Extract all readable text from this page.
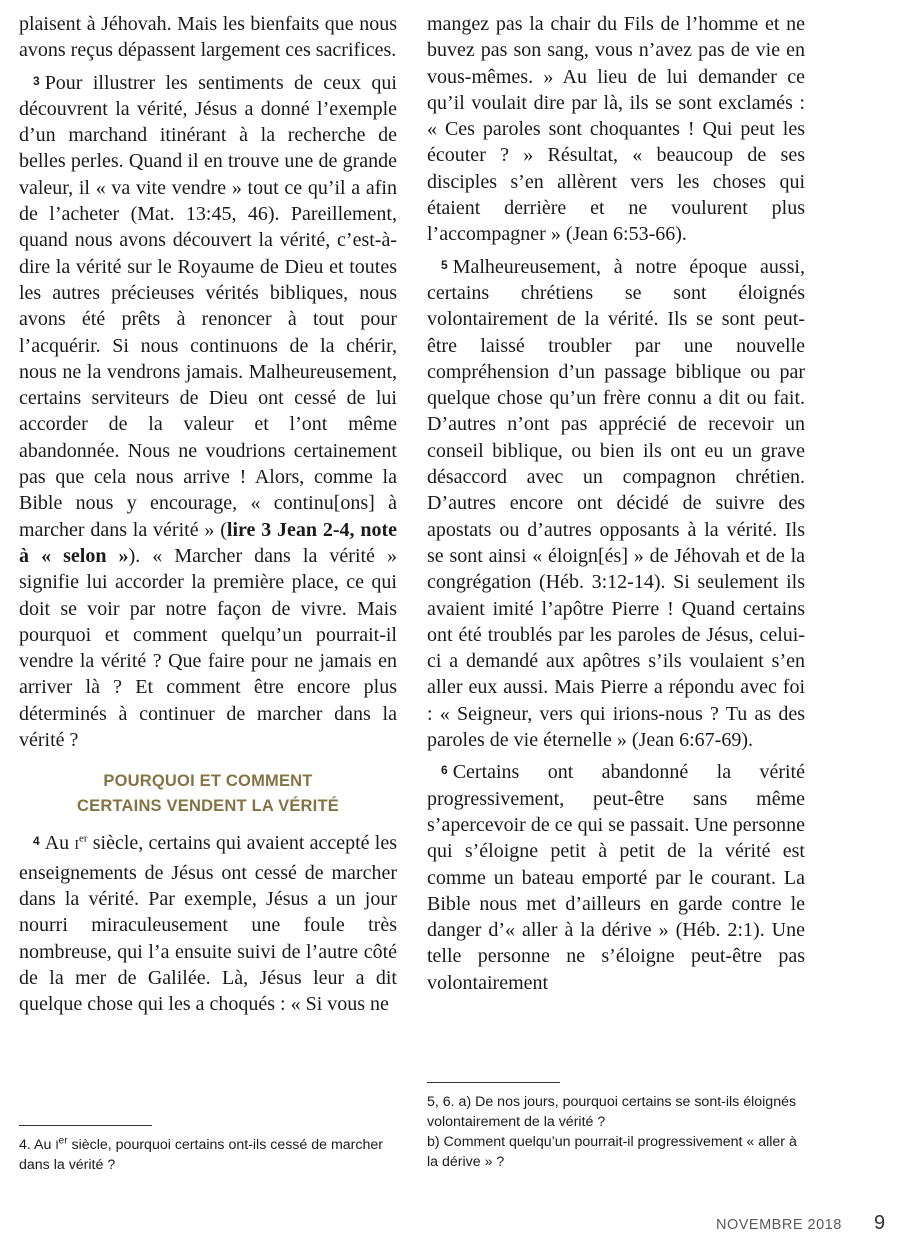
plaisent à Jéhovah. Mais les bienfaits que nous avons reçus dépassent largement ces sacrifices.

$^3$ Pour illustrer les sentiments de ceux qui découvrent la vérité, Jésus a donné l’exemple d’un marchand itinérant à la recherche de belles perles. Quand il en trouve une de grande valeur, il « va vite vendre » tout ce qu’il a afin de l’acheter (Mat. 13:45, 46). Pareillement, quand nous avons découvert la vérité, c’est-à-dire la vérité sur le Royaume de Dieu et toutes les autres précieuses vérités bibliques, nous avons été prêts à renoncer à tout pour l’acquérir. Si nous continuons de la chérir, nous ne la vendrons jamais. Malheureusement, certains serviteurs de Dieu ont cessé de lui accorder de la valeur et l’ont même abandonnée. Nous ne voudrions certainement pas que cela nous arrive ! Alors, comme la Bible nous y encourage, « continu[ons] à marcher dans la vérité » (lire 3 Jean 2-4, note à « selon »). « Marcher dans la vérité » signifie lui accorder la première place, ce qui doit se voir par notre façon de vivre. Mais pourquoi et comment quelqu’un pourrait-il vendre la vérité ? Que faire pour ne jamais en arriver là ? Et comment être encore plus déterminés à continuer de marcher dans la vérité ?

POURQUOI ET COMMENT
CERTAINS VENDENT LA VÉRITÉ

$^4$ Au Ier siècle, certains qui avaient accepté les enseignements de Jésus ont cessé de marcher dans la vérité. Par exemple, Jésus a un jour nourri miraculeusement une foule très nombreuse, qui l’a ensuite suivi de l’autre côté de la mer de Galilée. Là, Jésus leur a dit quelque chose qui les a choqués : « Si vous ne

mangez pas la chair du Fils de l’homme et ne buvez pas son sang, vous n’avez pas de vie en vous-mêmes. » Au lieu de lui demander ce qu’il voulait dire par là, ils se sont exclamés : « Ces paroles sont choquantes ! Qui peut les écouter ? » Résultat, « beaucoup de ses disciples s’en allèrent vers les choses qui étaient derrière et ne voulurent plus l’accompagner » (Jean 6:53-66).

$^5$ Malheureusement, à notre époque aussi, certains chrétiens se sont éloignés volontairement de la vérité. Ils se sont peut-être laissé troubler par une nouvelle compréhension d’un passage biblique ou par quelque chose qu’un frère connu a dit ou fait. D’autres n’ont pas apprécié de recevoir un conseil biblique, ou bien ils ont eu un grave désaccord avec un compagnon chrétien. D’autres encore ont décidé de suivre des apostats ou d’autres opposants à la vérité. Ils se sont ainsi « éloign[és] » de Jéhovah et de la congrégation (Héb. 3:12-14). Si seulement ils avaient imité l’apôtre Pierre ! Quand certains ont été troublés par les paroles de Jésus, celui-ci a demandé aux apôtres s’ils voulaient s’en aller eux aussi. Mais Pierre a répondu avec foi : « Seigneur, vers qui irions-nous ? Tu as des paroles de vie éternelle » (Jean 6:67-69).

$^6$ Certains ont abandonné la vérité progressivement, peut-être sans même s’apercevoir de ce qui se passait. Une personne qui s’éloigne petit à petit de la vérité est comme un bateau emporté par le courant. La Bible nous met d’ailleurs en garde contre le danger d’« aller à la dérive » (Héb. 2:1). Une telle personne ne s’éloigne peut-être pas volontairement

4. Au Ier siècle, pourquoi certains ont-ils cessé de marcher dans la vérité ?
5, 6. a) De nos jours, pourquoi certains se sont-ils éloignés volontairement de la vérité ?
b) Comment quelqu’un pourrait-il progressivement « aller à la dérive » ?
NOVEMBRE 2018 9
